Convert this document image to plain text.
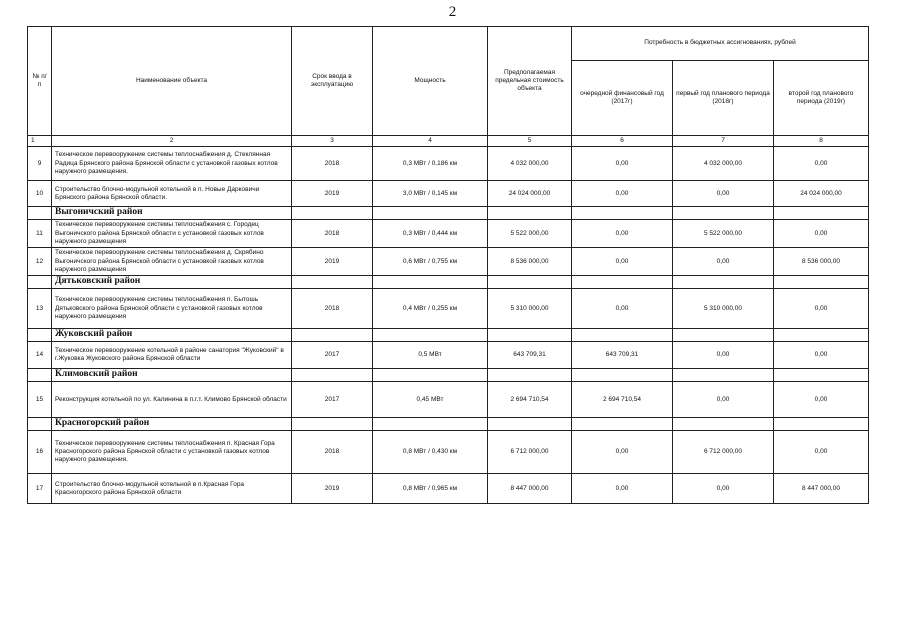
2
№ п/п	Наименование объекта	Срок ввода в эксплуатацию	Мощность	Предполагаемая предельная стоимость объекта	Потребность в бюджетных ассигнованиях, рублей		
					очередной финансовый год (2017г)	первый год планового периода (2018г)	второй год планового периода (2019г)
1	2	3	4	5	6	7	8
9	Техническое перевооружение системы теплоснабжения д. Стеклянная Радица Брянского района Брянской области с установкой газовых котлов наружного размещения.	2018	0,3 МВт / 0,186 км	4 032 000,00	0,00	4 032 000,00	0,00
10	Строительство блочно-модульной котельной в п. Новые Дарковичи Брянского района Брянской области.	2019	3,0 МВт / 0,145 км	24 024 000,00	0,00	0,00	24 024 000,00
	Выгоничский район						
11	Техническое перевооружение системы теплоснабжения с. Городец Выгоничского района Брянской области с установкой газовых котлов наружного размещения	2018	0,3 МВт / 0,444 км	5 522 000,00	0,00	5 522 000,00	0,00
12	Техническое перевооружение системы теплоснабжения д. Скрябино Выгоничского района Брянской области с установкой газовых котлов наружного размещения	2019	0,6 МВт / 0,755 км	8 536 000,00	0,00	0,00	8 536 000,00
	Дятьковский район						
13	Техническое перевооружение системы теплоснабжения п. Бытошь Дятьковского района Брянской области с установкой газовых котлов наружного размещения	2018	0,4 МВт / 0,255 км	5 310 000,00	0,00	5 310 000,00	0,00
	Жуковский район						
14	Техническое перевооружение котельной в районе санатория "Жуковский" в г.Жуковка Жуковского района Брянской области	2017	0,5 МВт	643 709,31	643 709,31	0,00	0,00
	Климовский район						
15	Реконструкция котельной по ул. Калинина в п.г.т. Климово Брянской области	2017	0,45 МВт	2 694 710,54	2 694 710,54	0,00	0,00
	Красногорский район						
16	Техническое перевооружение системы теплоснабжения п. Красная Гора Красногорского района Брянской области с установкой газовых котлов наружного размещения.	2018	0,8 МВт / 0,430 км	6 712 000,00	0,00	6 712 000,00	0,00
17	Строительство блочно-модульной котельной в п.Красная Гора Красногорского района Брянской области	2019	0,8 МВт / 0,965 км	8 447 000,00	0,00	0,00	8 447 000,00
